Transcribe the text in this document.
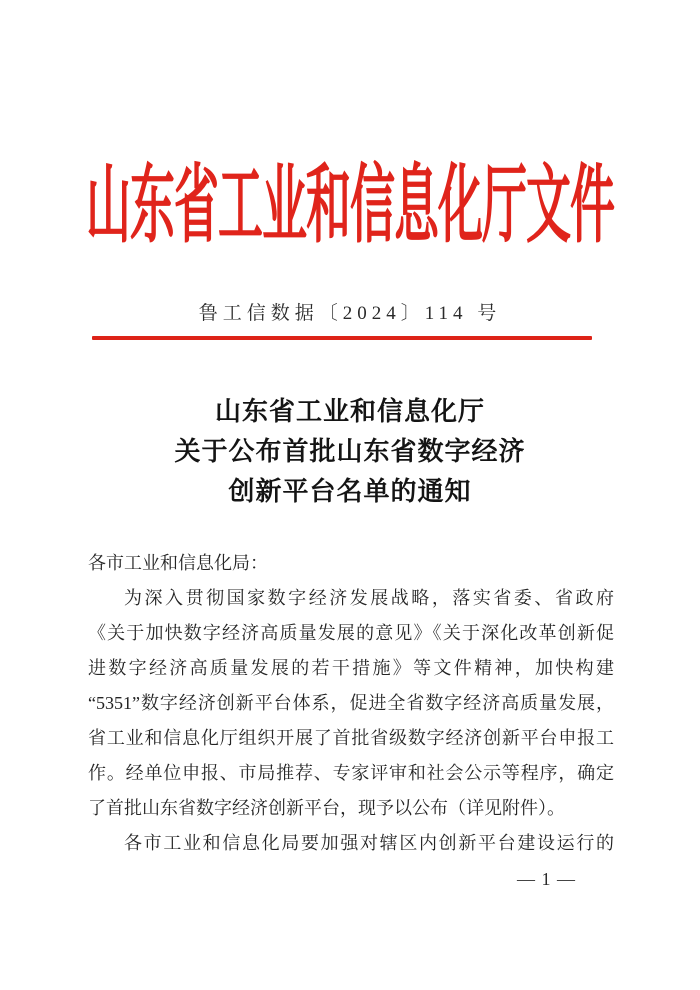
山东省工业和信息化厅文件
鲁工信数据〔2024〕114 号
山东省工业和信息化厅
关于公布首批山东省数字经济
创新平台名单的通知
各市工业和信息化局：
为深入贯彻国家数字经济发展战略，落实省委、省政府
《关于加快数字经济高质量发展的意见》《关于深化改革创新促
进数字经济高质量发展的若干措施》等文件精神，加快构建
“5351”数字经济创新平台体系，促进全省数字经济高质量发展，
省工业和信息化厅组织开展了首批省级数字经济创新平台申报工
作。经单位申报、市局推荐、专家评审和社会公示等程序，确定
了首批山东省数字经济创新平台，现予以公布（详见附件）。
各市工业和信息化局要加强对辖区内创新平台建设运行的
— 1 —
